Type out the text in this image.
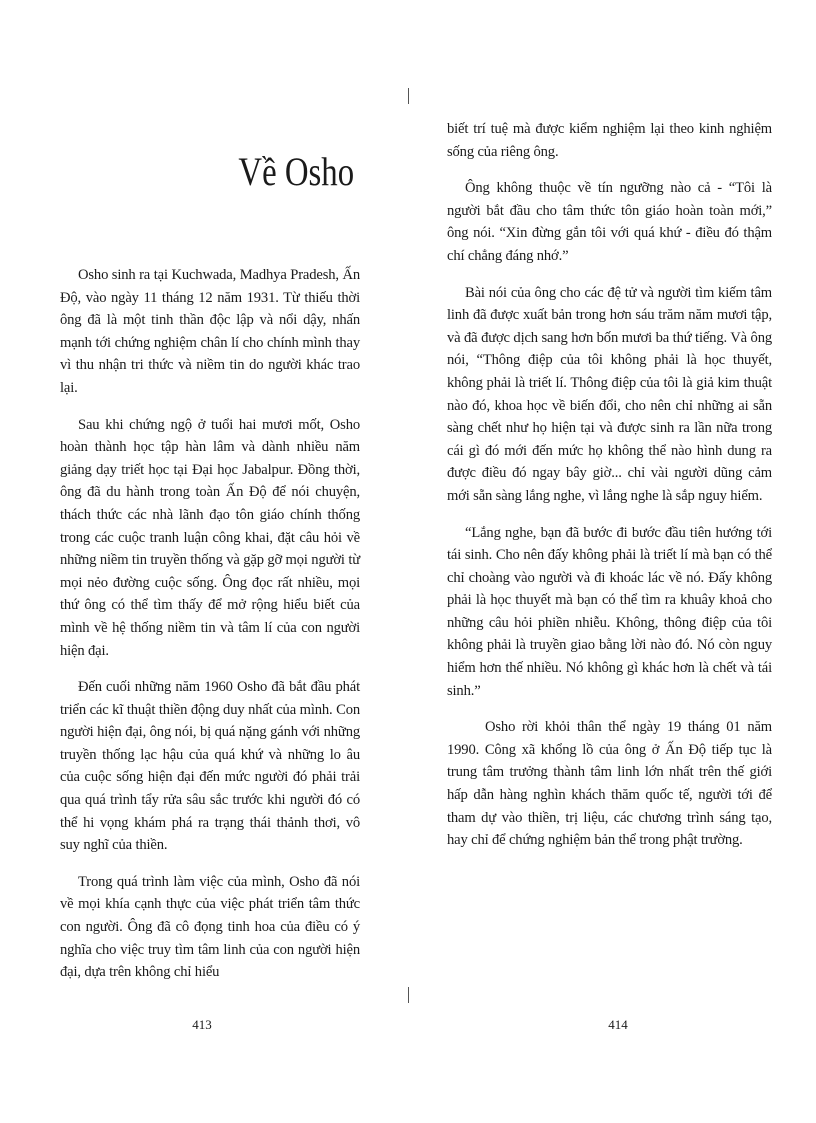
Về Osho

Osho sinh ra tại Kuchwada, Madhya Pradesh, Ấn Độ, vào ngày 11 tháng 12 năm 1931. Từ thiếu thời ông đã là một tinh thần độc lập và nổi dậy, nhấn mạnh tới chứng nghiệm chân lí cho chính mình thay vì thu nhận tri thức và niềm tin do người khác trao lại.

Sau khi chứng ngộ ở tuổi hai mươi mốt, Osho hoàn thành học tập hàn lâm và dành nhiều năm giảng dạy triết học tại Đại học Jabalpur. Đồng thời, ông đã du hành trong toàn Ấn Độ để nói chuyện, thách thức các nhà lãnh đạo tôn giáo chính thống trong các cuộc tranh luận công khai, đặt câu hỏi về những niềm tin truyền thống và gặp gỡ mọi người từ mọi nẻo đường cuộc sống. Ông đọc rất nhiều, mọi thứ ông có thể tìm thấy để mở rộng hiểu biết của mình về hệ thống niềm tin và tâm lí của con người hiện đại.

Đến cuối những năm 1960 Osho đã bắt đầu phát triển các kĩ thuật thiền động duy nhất của mình. Con người hiện đại, ông nói, bị quá nặng gánh với những truyền thống lạc hậu của quá khứ và những lo âu của cuộc sống hiện đại đến mức người đó phải trải qua quá trình tẩy rửa sâu sắc trước khi người đó có thể hi vọng khám phá ra trạng thái thảnh thơi, vô suy nghĩ của thiền.

Trong quá trình làm việc của mình, Osho đã nói về mọi khía cạnh thực của việc phát triển tâm thức con người. Ông đã cô đọng tinh hoa của điều có ý nghĩa cho việc truy tìm tâm linh của con người hiện đại, dựa trên không chỉ hiểu

413

biết trí tuệ mà được kiểm nghiệm lại theo kinh nghiệm sống của riêng ông.

Ông không thuộc về tín ngưỡng nào cả - “Tôi là người bắt đầu cho tâm thức tôn giáo hoàn toàn mới,” ông nói. “Xin đừng gắn tôi với quá khứ - điều đó thậm chí chẳng đáng nhớ.”

Bài nói của ông cho các đệ tử và người tìm kiếm tâm linh đã được xuất bản trong hơn sáu trăm năm mươi tập, và đã được dịch sang hơn bốn mươi ba thứ tiếng. Và ông nói, “Thông điệp của tôi không phải là học thuyết, không phải là triết lí. Thông điệp của tôi là giả kim thuật nào đó, khoa học về biến đổi, cho nên chỉ những ai sẵn sàng chết như họ hiện tại và được sinh ra lần nữa trong cái gì đó mới đến mức họ không thể nào hình dung ra được điều đó ngay bây giờ... chỉ vài người dũng cảm mới sẵn sàng lắng nghe, vì lắng nghe là sắp nguy hiểm.

“Lắng nghe, bạn đã bước đi bước đầu tiên hướng tới tái sinh. Cho nên đấy không phải là triết lí mà bạn có thể chỉ choàng vào người và đi khoác lác về nó. Đấy không phải là học thuyết mà bạn có thể tìm ra khuây khoả cho những câu hỏi phiền nhiễu. Không, thông điệp của tôi không phải là truyền giao bằng lời nào đó. Nó còn nguy hiểm hơn thế nhiều. Nó không gì khác hơn là chết và tái sinh.”

Osho rời khỏi thân thể ngày 19 tháng 01 năm 1990. Công xã khổng lồ của ông ở Ấn Độ tiếp tục là trung tâm trưởng thành tâm linh lớn nhất trên thế giới hấp dẫn hàng nghìn khách thăm quốc tế, người tới để tham dự vào thiền, trị liệu, các chương trình sáng tạo, hay chỉ để chứng nghiệm bản thể trong phật trường.

414
